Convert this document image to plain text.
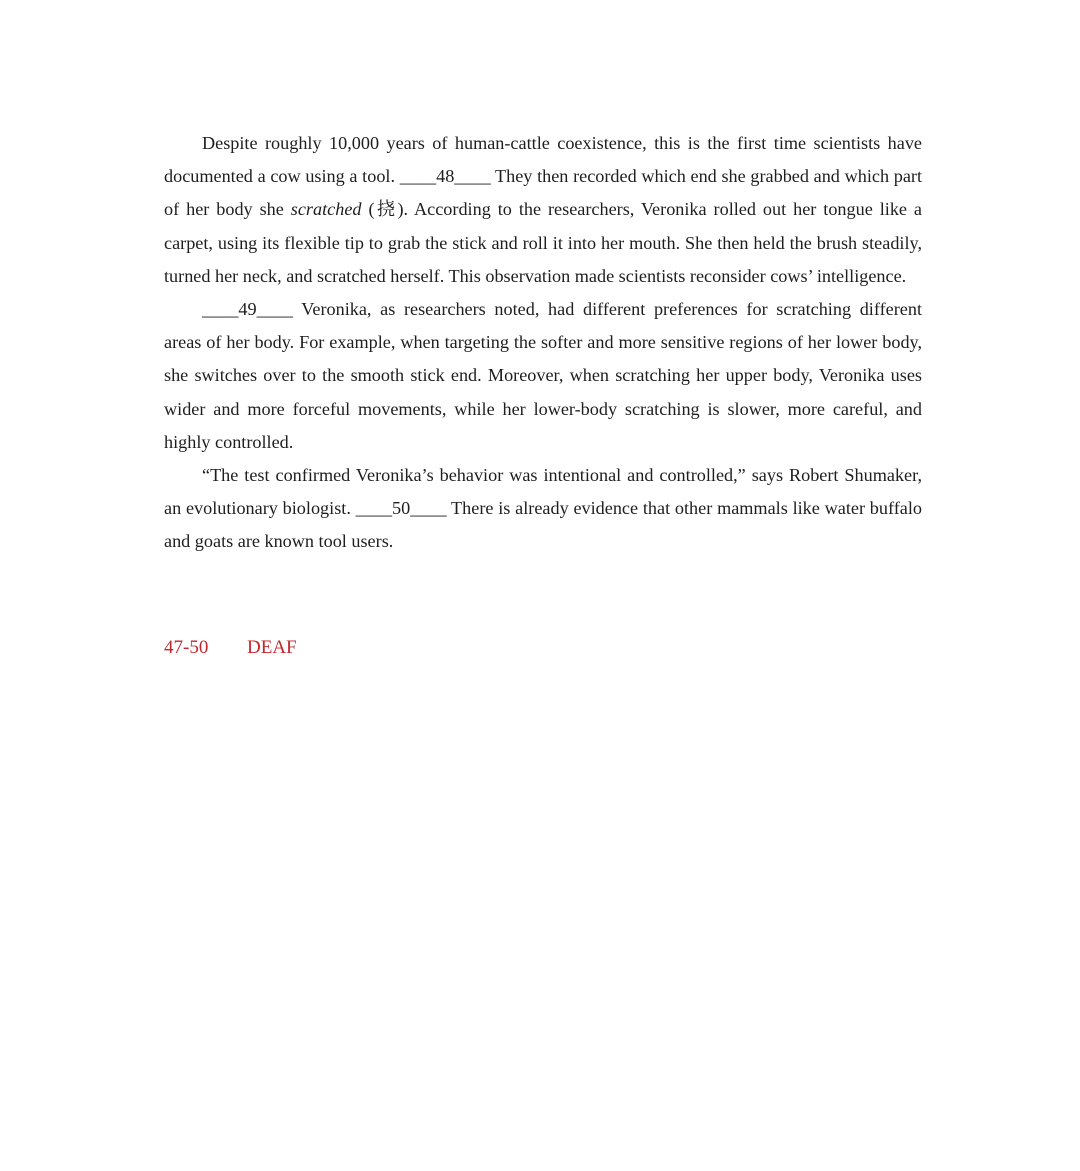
Despite roughly 10,000 years of human-cattle coexistence, this is the first time scientists have documented a cow using a tool. ____48____ They then recorded which end she grabbed and which part of her body she scratched (挠). According to the researchers, Veronika rolled out her tongue like a carpet, using its flexible tip to grab the stick and roll it into her mouth. She then held the brush steadily, turned her neck, and scratched herself. This observation made scientists reconsider cows’ intelligence.

____49____ Veronika, as researchers noted, had different preferences for scratching different areas of her body. For example, when targeting the softer and more sensitive regions of her lower body, she switches over to the smooth stick end. Moreover, when scratching her upper body, Veronika uses wider and more forceful movements, while her lower-body scratching is slower, more careful, and highly controlled.

“The test confirmed Veronika’s behavior was intentional and controlled,” says Robert Shumaker, an evolutionary biologist. ____50____ There is already evidence that other mammals like water buffalo and goats are known tool users.

47-50 DEAF
